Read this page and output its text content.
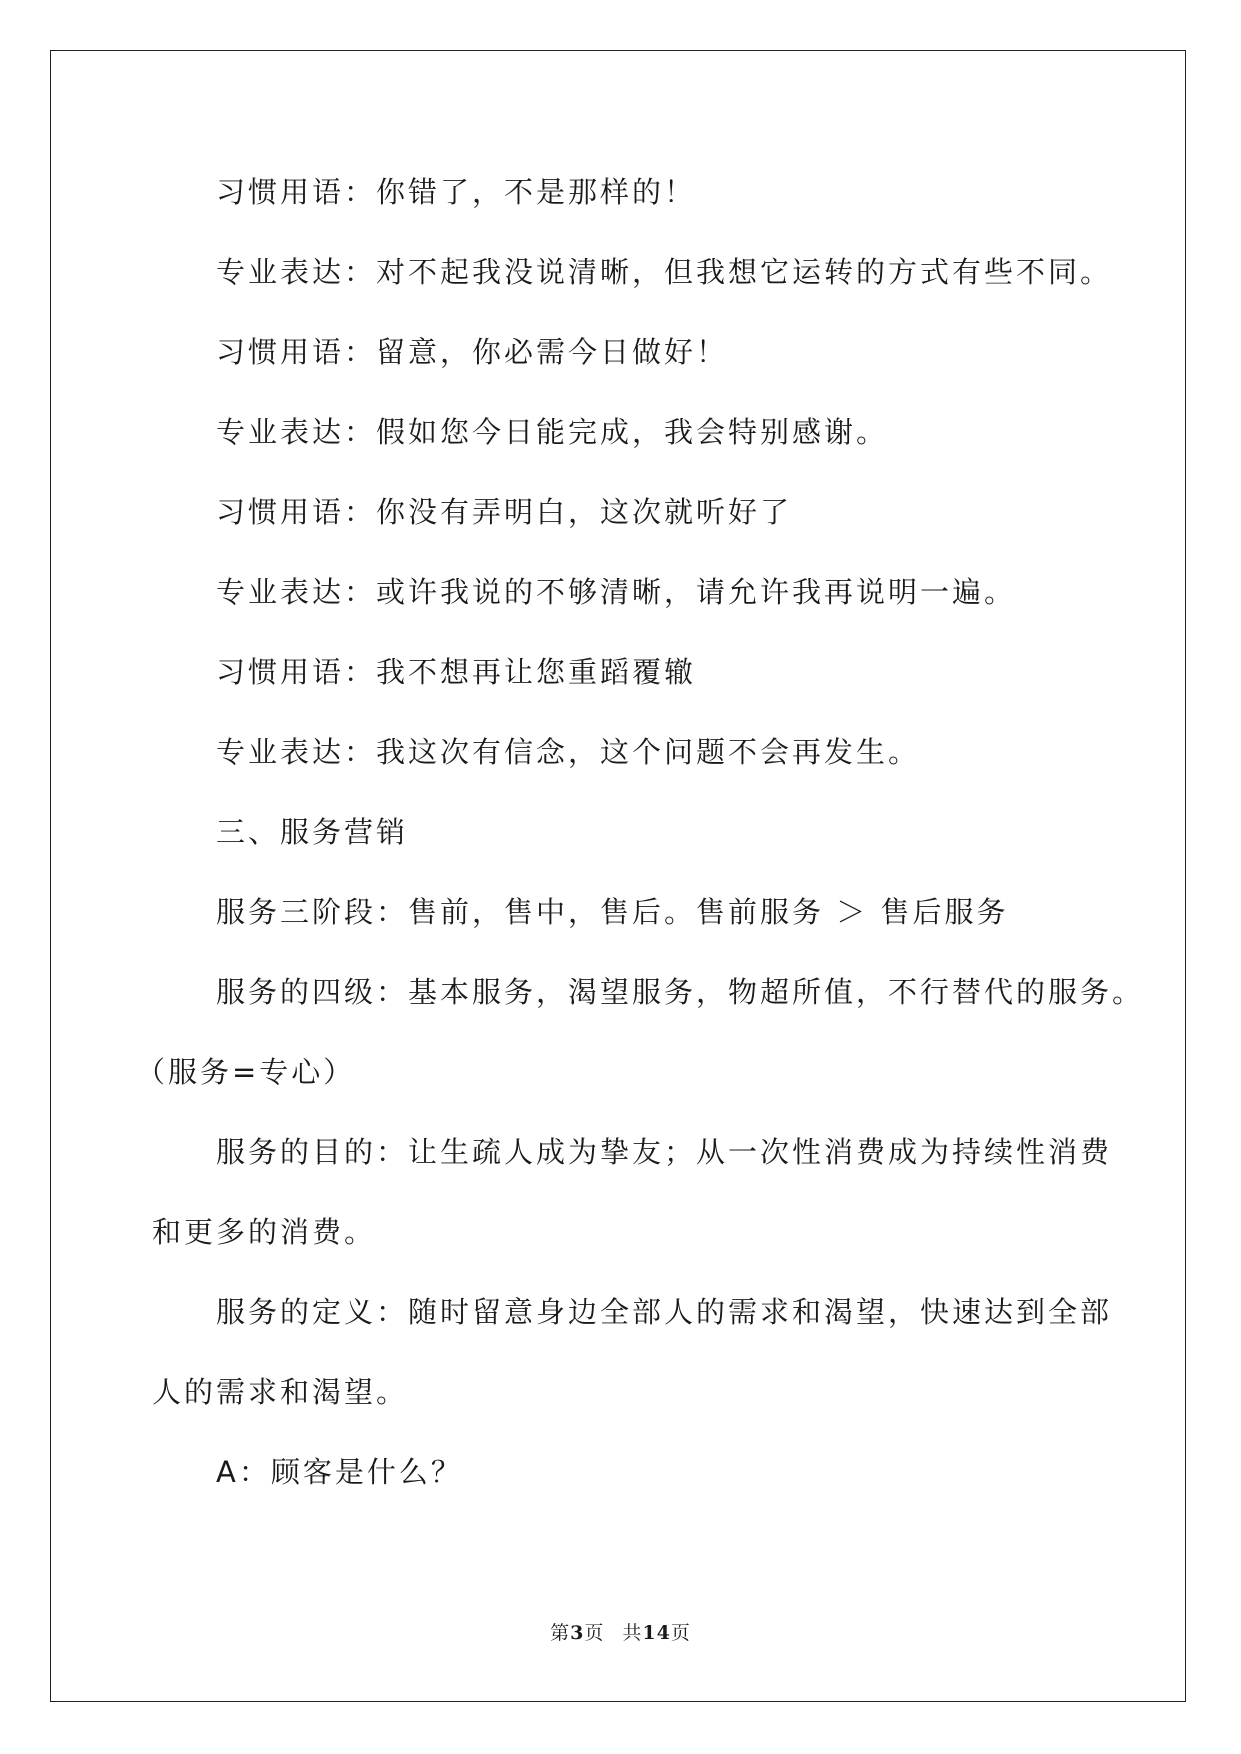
习惯用语：你错了，不是那样的！
专业表达：对不起我没说清晰，但我想它运转的方式有些不同。
习惯用语：留意，你必需今日做好！
专业表达：假如您今日能完成，我会特别感谢。
习惯用语：你没有弄明白，这次就听好了
专业表达：或许我说的不够清晰，请允许我再说明一遍。
习惯用语：我不想再让您重蹈覆辙
专业表达：我这次有信念，这个问题不会再发生。
三、服务营销
服务三阶段：售前，售中，售后。售前服务 ＞ 售后服务
服务的四级：基本服务，渴望服务，物超所值，不行替代的服务。
（服务=专心）
服务的目的：让生疏人成为挚友；从一次性消费成为持续性消费
和更多的消费。
服务的定义：随时留意身边全部人的需求和渴望，快速达到全部
人的需求和渴望。
A：顾客是什么？
第3页 共14页
